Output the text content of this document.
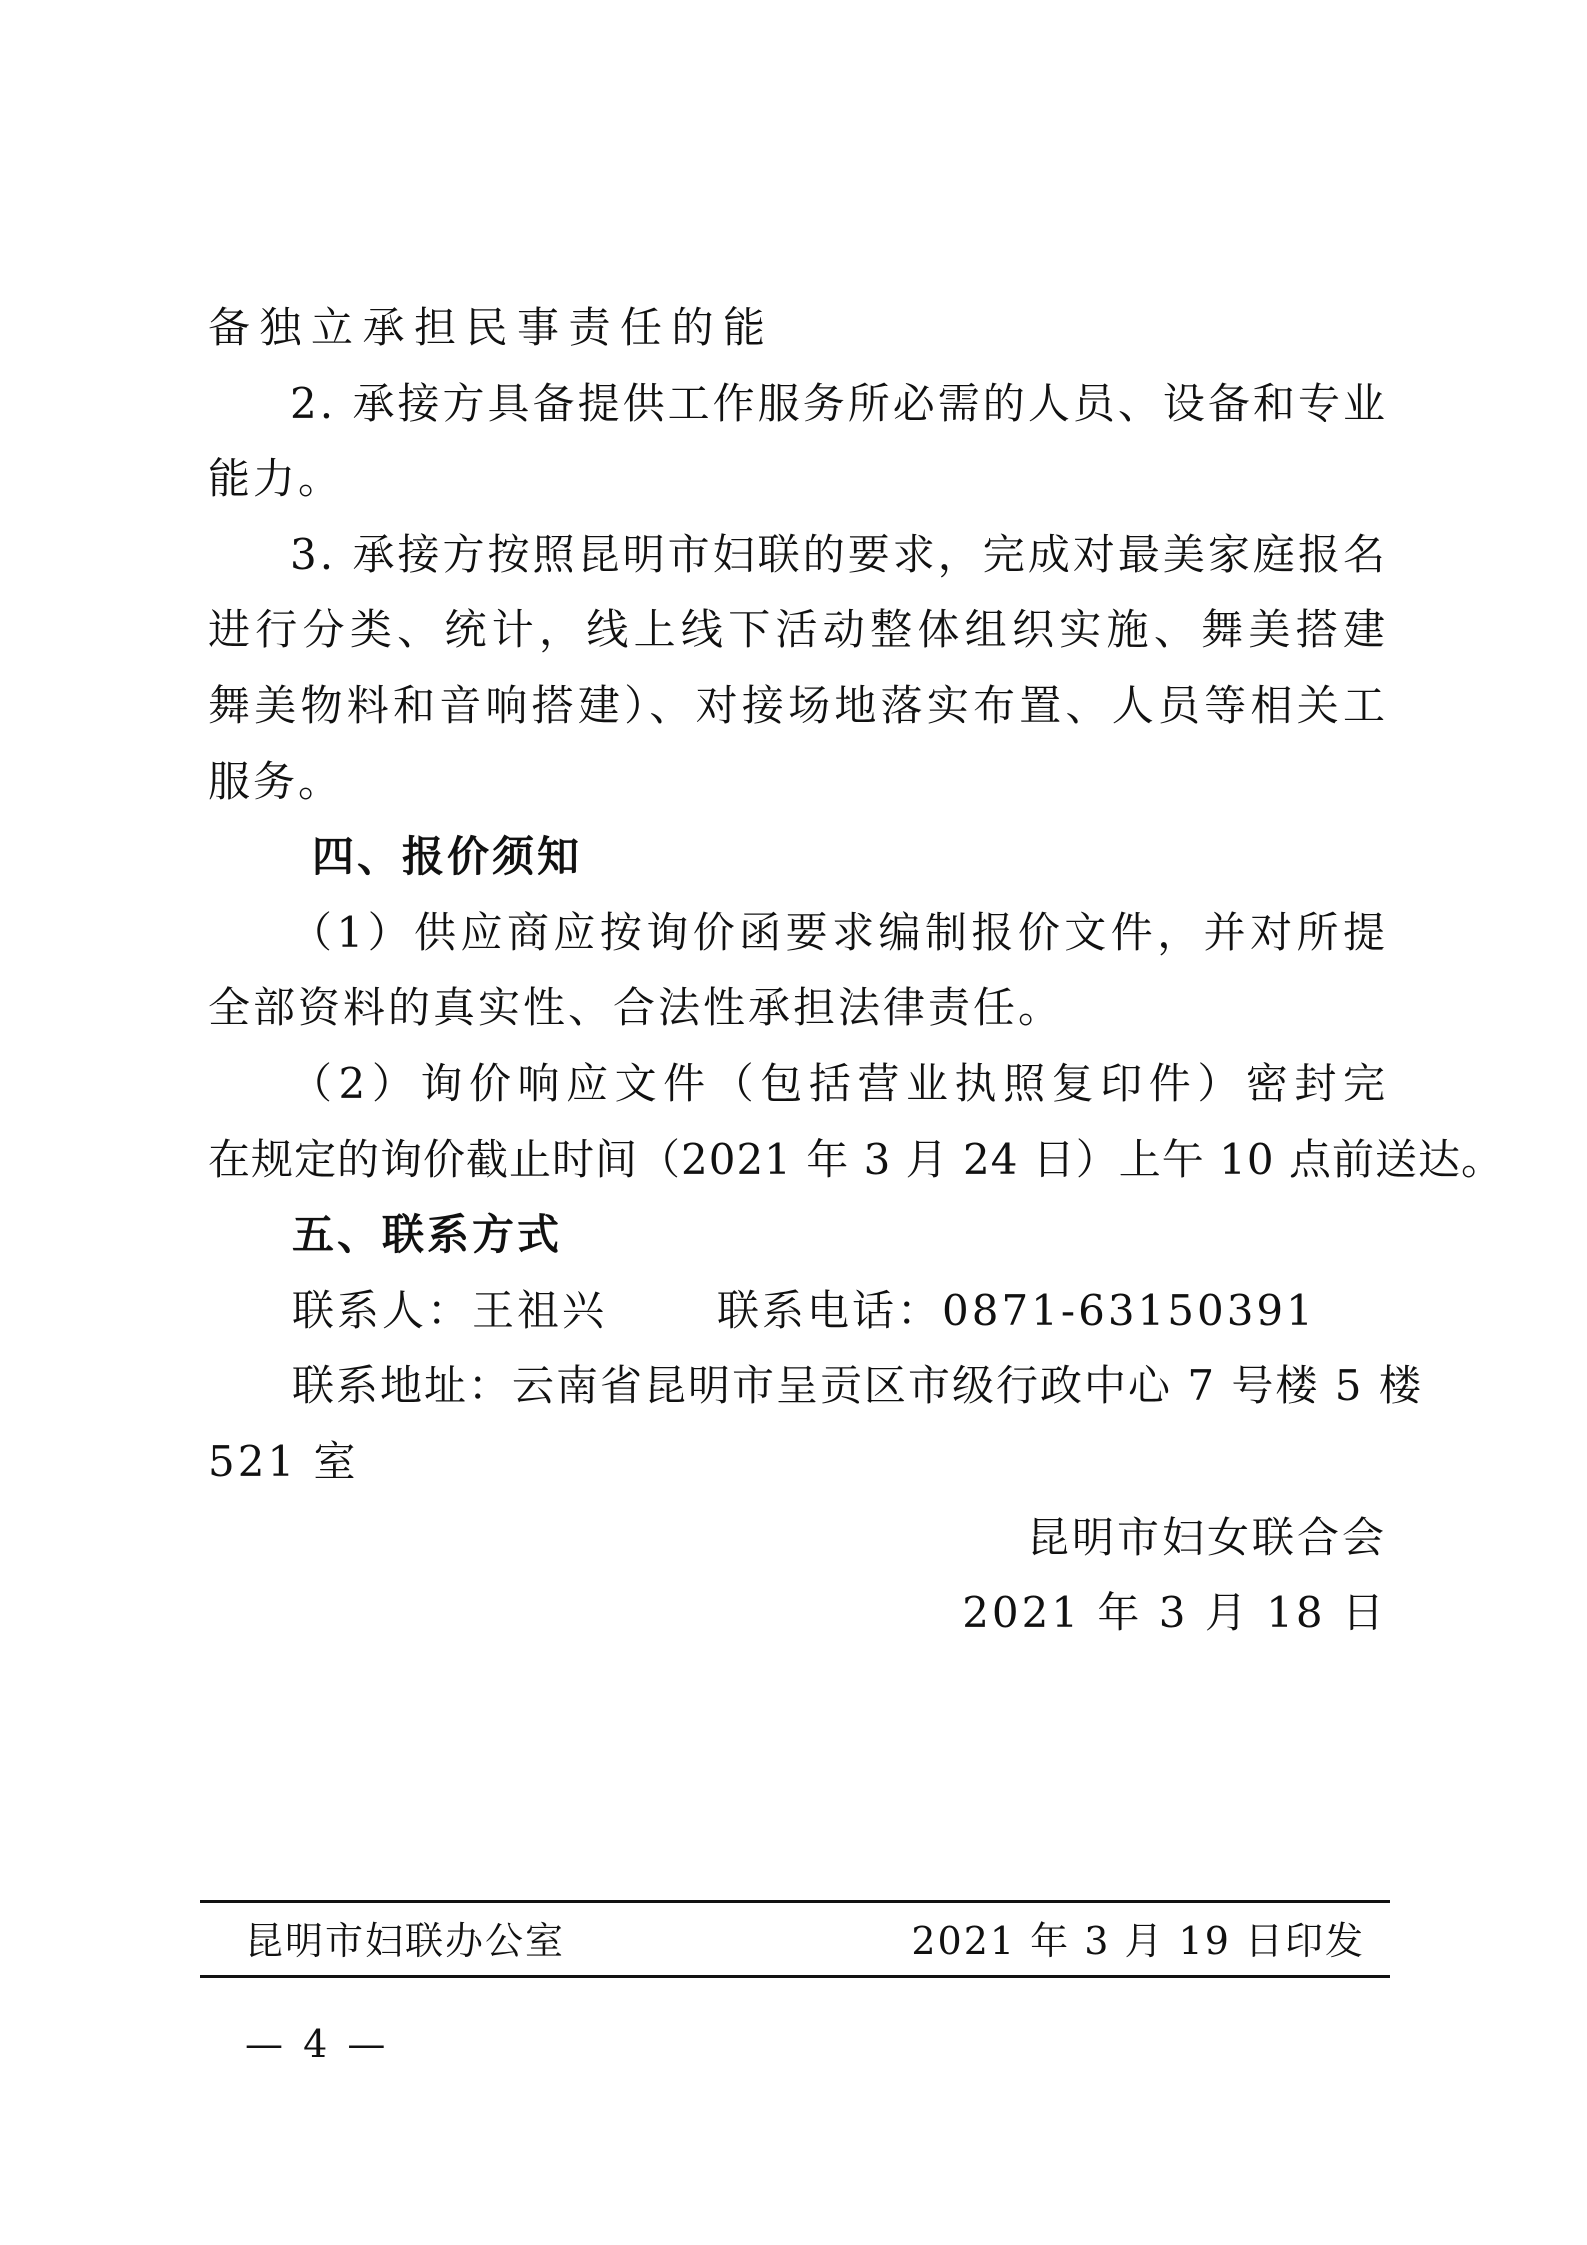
备独立承担民事责任的能
2. 承接方具备提供工作服务所必需的人员、设备和专业
能力。
3. 承接方按照昆明市妇联的要求，完成对最美家庭报名
进行分类、统计，线上线下活动整体组织实施、舞美搭建
舞美物料和音响搭建）、对接场地落实布置、人员等相关工
服务。
四、报价须知
（1）供应商应按询价函要求编制报价文件，并对所提
全部资料的真实性、合法性承担法律责任。
（2）询价响应文件（包括营业执照复印件）密封完
在规定的询价截止时间（2021 年 3 月 24 日）上午 10 点前送达。
五、联系方式
联系人：王祖兴	联系电话：0871-63150391
联系地址：云南省昆明市呈贡区市级行政中心 7 号楼 5 楼
521 室
昆明市妇女联合会
2021 年 3 月 18 日
昆明市妇联办公室	2021 年 3 月 19 日印发
— 4 —
